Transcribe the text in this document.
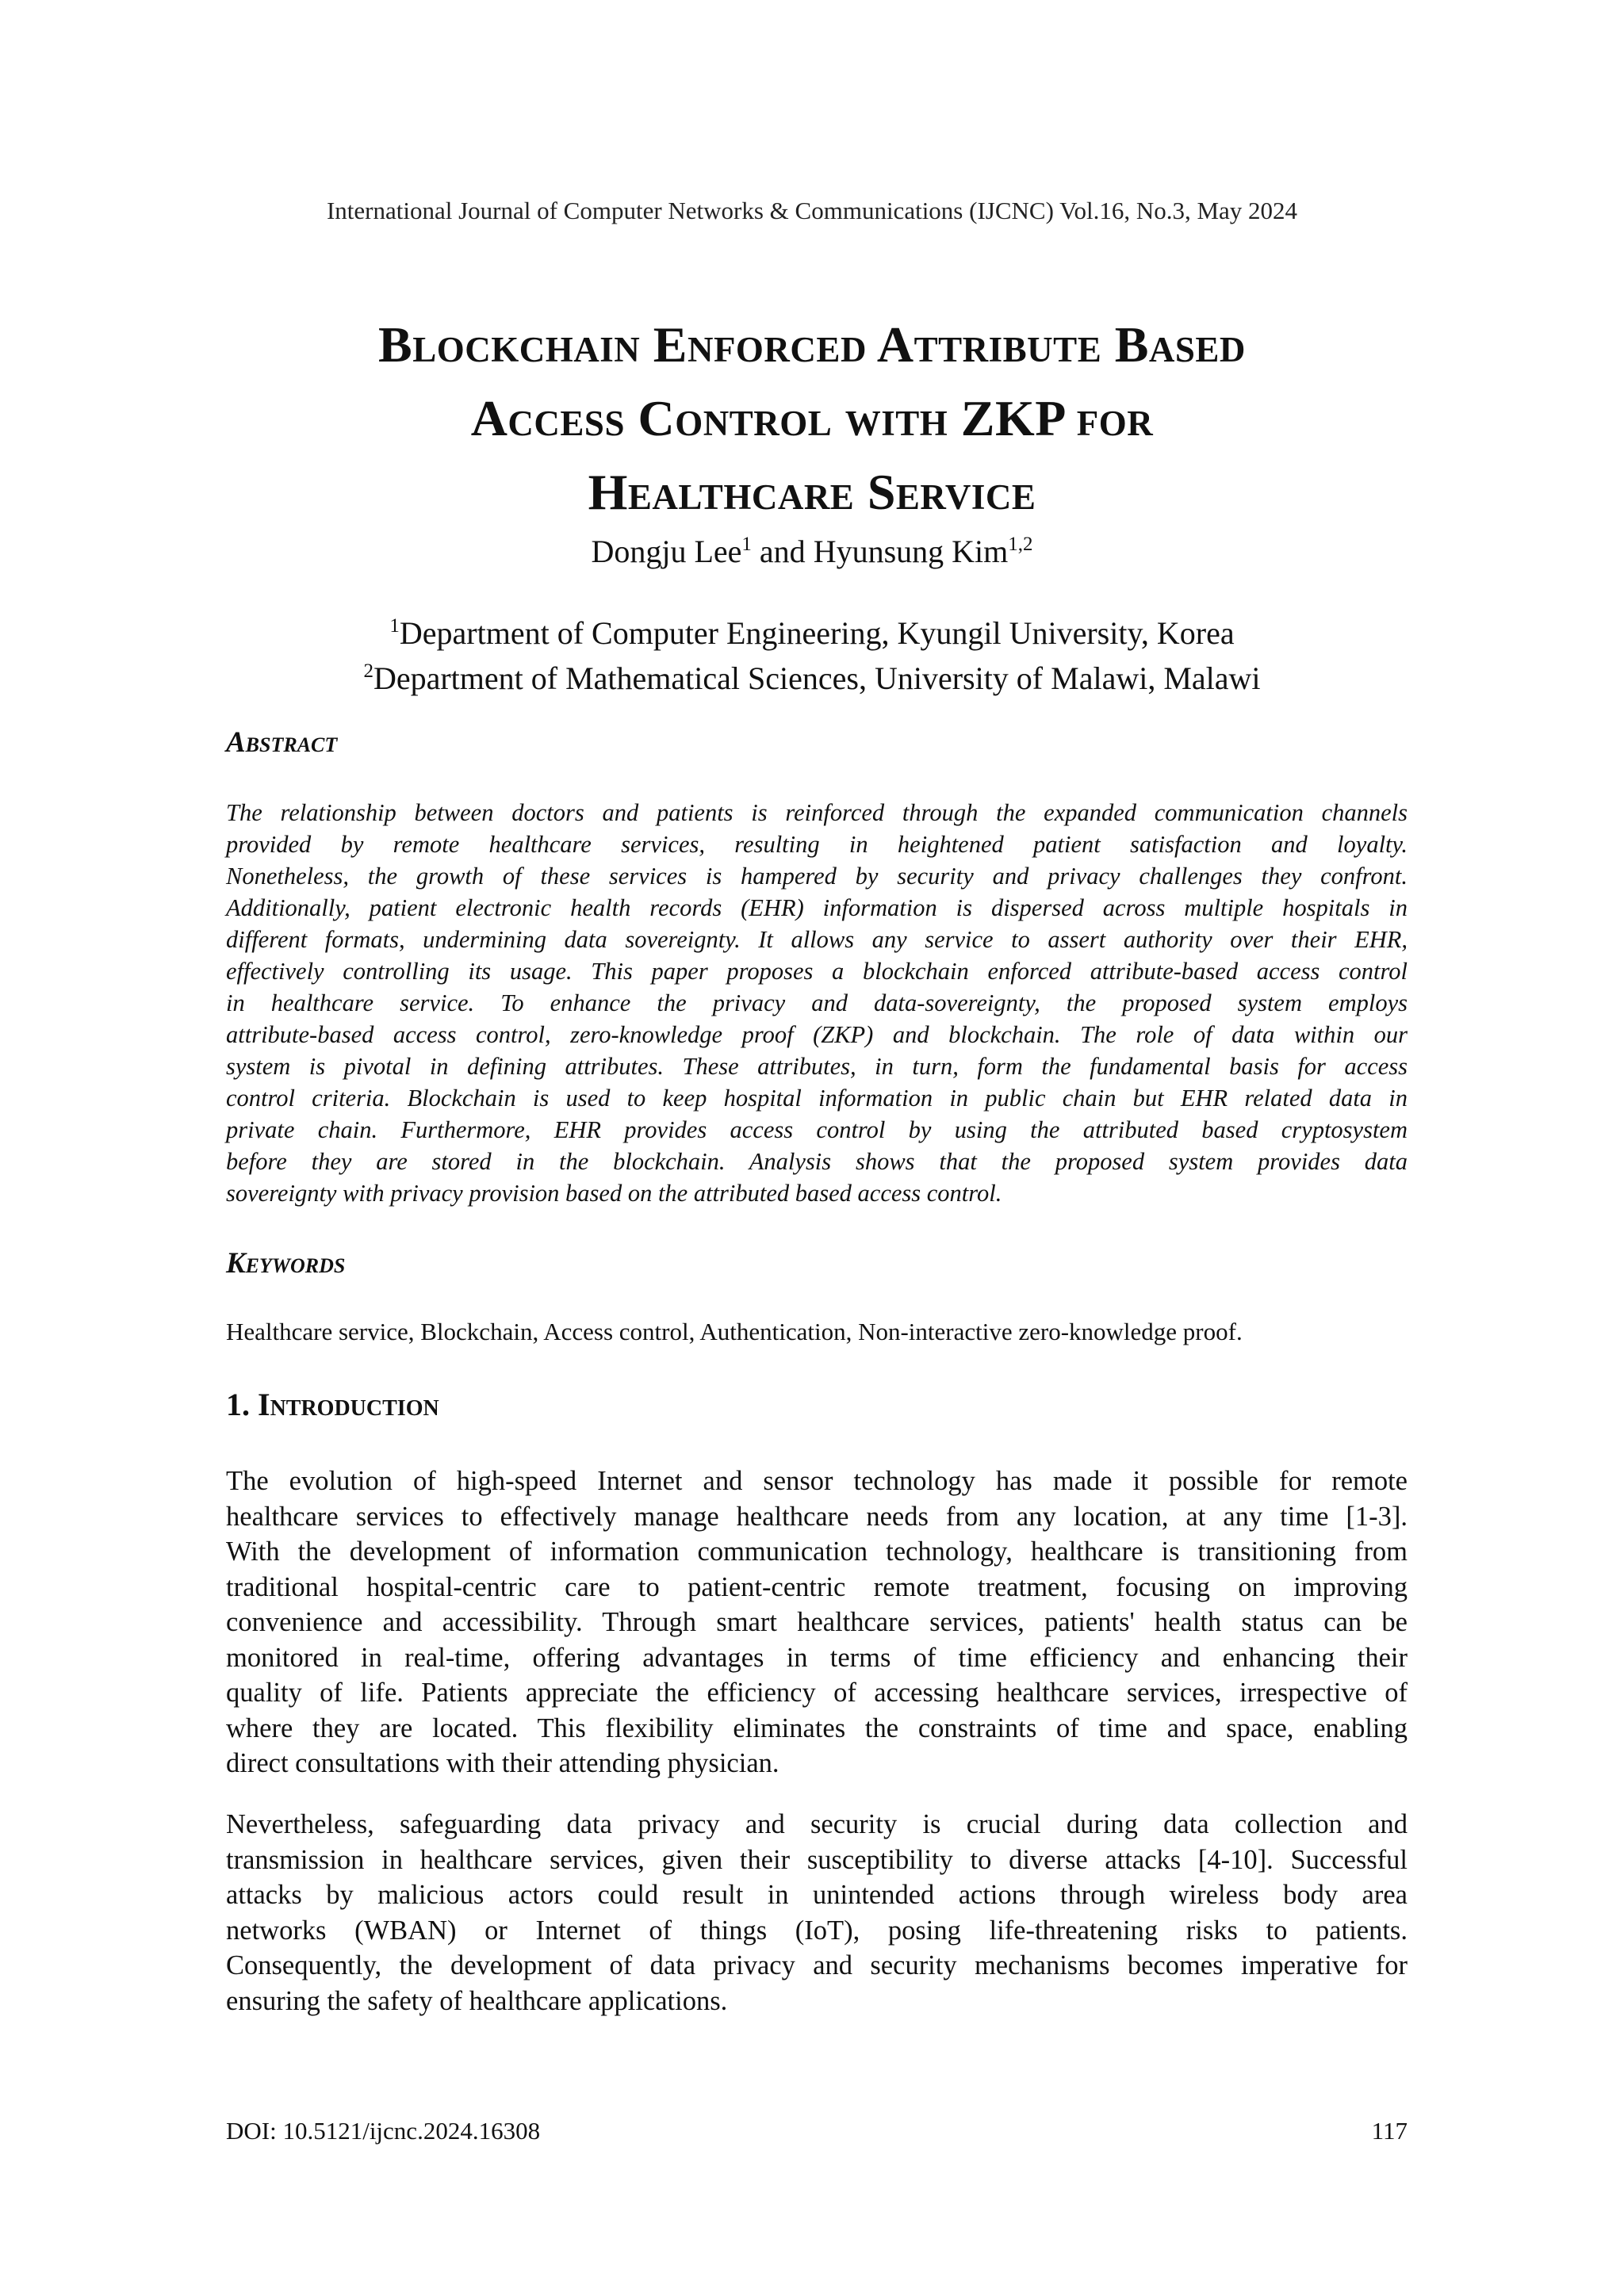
International Journal of Computer Networks & Communications (IJCNC) Vol.16, No.3, May 2024
Blockchain Enforced Attribute Based
Access Control with ZKP for
Healthcare Service
Dongju Lee$^1$ and Hyunsung Kim$^{1,2}$
$^1$Department of Computer Engineering, Kyungil University, Korea
$^2$Department of Mathematical Sciences, University of Malawi, Malawi
Abstract
The relationship between doctors and patients is reinforced through the expanded communication channels
provided by remote healthcare services, resulting in heightened patient satisfaction and loyalty.
Nonetheless, the growth of these services is hampered by security and privacy challenges they confront.
Additionally, patient electronic health records (EHR) information is dispersed across multiple hospitals in
different formats, undermining data sovereignty. It allows any service to assert authority over their EHR,
effectively controlling its usage. This paper proposes a blockchain enforced attribute-based access control
in healthcare service. To enhance the privacy and data-sovereignty, the proposed system employs
attribute-based access control, zero-knowledge proof (ZKP) and blockchain. The role of data within our
system is pivotal in defining attributes. These attributes, in turn, form the fundamental basis for access
control criteria. Blockchain is used to keep hospital information in public chain but EHR related data in
private chain. Furthermore, EHR provides access control by using the attributed based cryptosystem
before they are stored in the blockchain. Analysis shows that the proposed system provides data
sovereignty with privacy provision based on the attributed based access control.
Keywords
Healthcare service, Blockchain, Access control, Authentication, Non-interactive zero-knowledge proof.
1. Introduction
The evolution of high-speed Internet and sensor technology has made it possible for remote
healthcare services to effectively manage healthcare needs from any location, at any time [1-3].
With the development of information communication technology, healthcare is transitioning from
traditional hospital-centric care to patient-centric remote treatment, focusing on improving
convenience and accessibility. Through smart healthcare services, patients' health status can be
monitored in real-time, offering advantages in terms of time efficiency and enhancing their
quality of life. Patients appreciate the efficiency of accessing healthcare services, irrespective of
where they are located. This flexibility eliminates the constraints of time and space, enabling
direct consultations with their attending physician.
Nevertheless, safeguarding data privacy and security is crucial during data collection and
transmission in healthcare services, given their susceptibility to diverse attacks [4-10]. Successful
attacks by malicious actors could result in unintended actions through wireless body area
networks (WBAN) or Internet of things (IoT), posing life-threatening risks to patients.
Consequently, the development of data privacy and security mechanisms becomes imperative for
ensuring the safety of healthcare applications.
DOI: 10.5121/ijcnc.2024.16308	117
